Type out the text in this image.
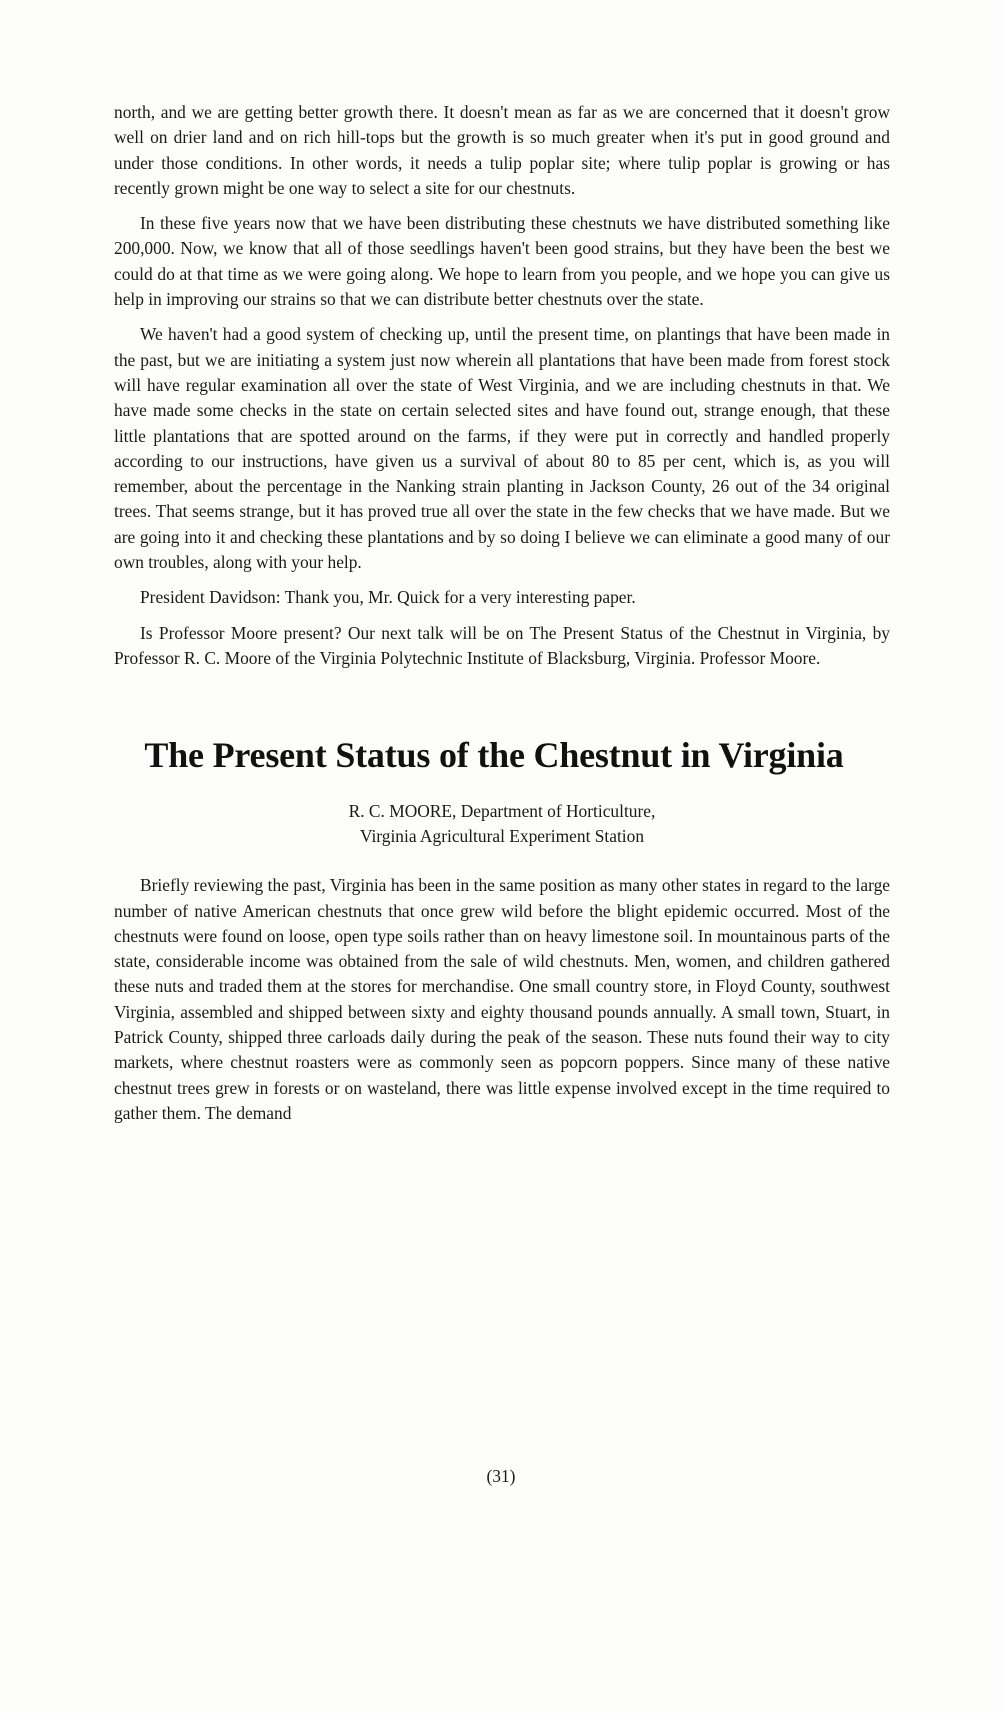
north, and we are getting better growth there. It doesn't mean as far as we are concerned that it doesn't grow well on drier land and on rich hill-tops but the growth is so much greater when it's put in good ground and under those conditions. In other words, it needs a tulip poplar site; where tulip poplar is growing or has recently grown might be one way to select a site for our chestnuts.

In these five years now that we have been distributing these chestnuts we have distributed something like 200,000. Now, we know that all of those seedlings haven't been good strains, but they have been the best we could do at that time as we were going along. We hope to learn from you people, and we hope you can give us help in improving our strains so that we can distribute better chestnuts over the state.

We haven't had a good system of checking up, until the present time, on plantings that have been made in the past, but we are initiating a system just now wherein all plantations that have been made from forest stock will have regular examination all over the state of West Virginia, and we are including chestnuts in that. We have made some checks in the state on certain selected sites and have found out, strange enough, that these little plantations that are spotted around on the farms, if they were put in correctly and handled properly according to our instructions, have given us a survival of about 80 to 85 per cent, which is, as you will remember, about the percentage in the Nanking strain planting in Jackson County, 26 out of the 34 original trees. That seems strange, but it has proved true all over the state in the few checks that we have made. But we are going into it and checking these plantations and by so doing I believe we can eliminate a good many of our own troubles, along with your help.

President Davidson: Thank you, Mr. Quick for a very interesting paper.

Is Professor Moore present? Our next talk will be on The Present Status of the Chestnut in Virginia, by Professor R. C. Moore of the Virginia Polytechnic Institute of Blacksburg, Virginia. Professor Moore.

The Present Status of the Chestnut in Virginia
R. C. MOORE, Department of Horticulture,
Virginia Agricultural Experiment Station

Briefly reviewing the past, Virginia has been in the same position as many other states in regard to the large number of native American chestnuts that once grew wild before the blight epidemic occurred. Most of the chestnuts were found on loose, open type soils rather than on heavy limestone soil. In mountainous parts of the state, considerable income was obtained from the sale of wild chestnuts. Men, women, and children gathered these nuts and traded them at the stores for merchandise. One small country store, in Floyd County, southwest Virginia, assembled and shipped between sixty and eighty thousand pounds annually. A small town, Stuart, in Patrick County, shipped three carloads daily during the peak of the season. These nuts found their way to city markets, where chestnut roasters were as commonly seen as popcorn poppers. Since many of these native chestnut trees grew in forests or on wasteland, there was little expense involved except in the time required to gather them. The demand

(31)
